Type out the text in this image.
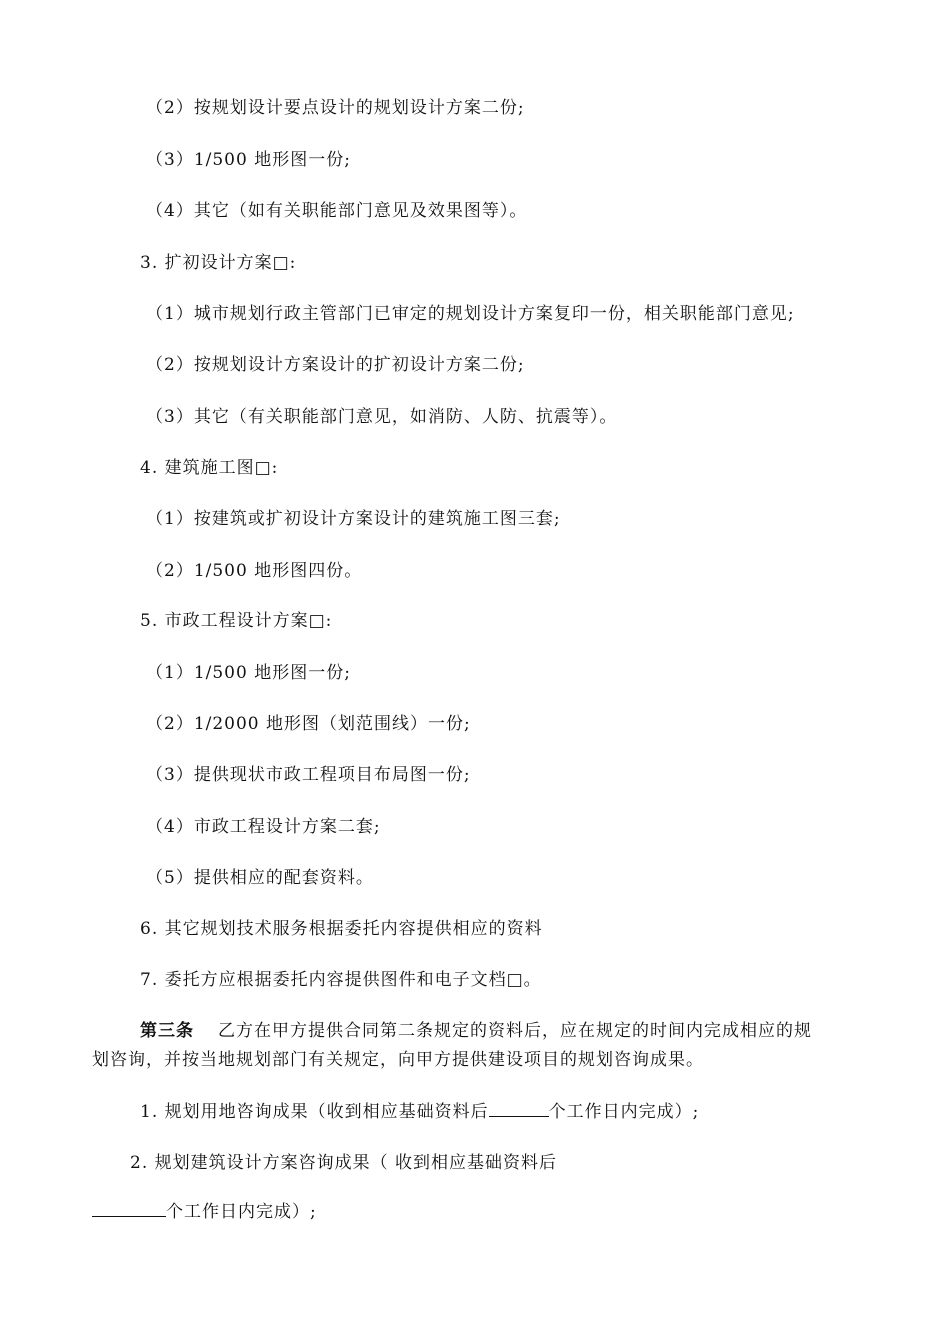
（2）按规划设计要点设计的规划设计方案二份;
（3）1/500 地形图一份;
（4）其它（如有关职能部门意见及效果图等）。
3. 扩初设计方案□:
（1）城市规划行政主管部门已审定的规划设计方案复印一份，相关职能部门意见;
（2）按规划设计方案设计的扩初设计方案二份;
（3）其它（有关职能部门意见，如消防、人防、抗震等）。
4. 建筑施工图□:
（1）按建筑或扩初设计方案设计的建筑施工图三套;
（2）1/500 地形图四份。
5. 市政工程设计方案□:
（1）1/500 地形图一份;
（2）1/2000 地形图（划范围线）一份;
（3）提供现状市政工程项目布局图一份;
（4）市政工程设计方案二套;
（5）提供相应的配套资料。
6. 其它规划技术服务根据委托内容提供相应的资料
7. 委托方应根据委托内容提供图件和电子文档□。
第三条 乙方在甲方提供合同第二条规定的资料后，应在规定的时间内完成相应的规
划咨询，并按当地规划部门有关规定，向甲方提供建设项目的规划咨询成果。
1. 规划用地咨询成果（收到相应基础资料后	个工作日内完成）;
2. 规划建筑设计方案咨询成果（ 收到相应基础资料后
个工作日内完成）;
